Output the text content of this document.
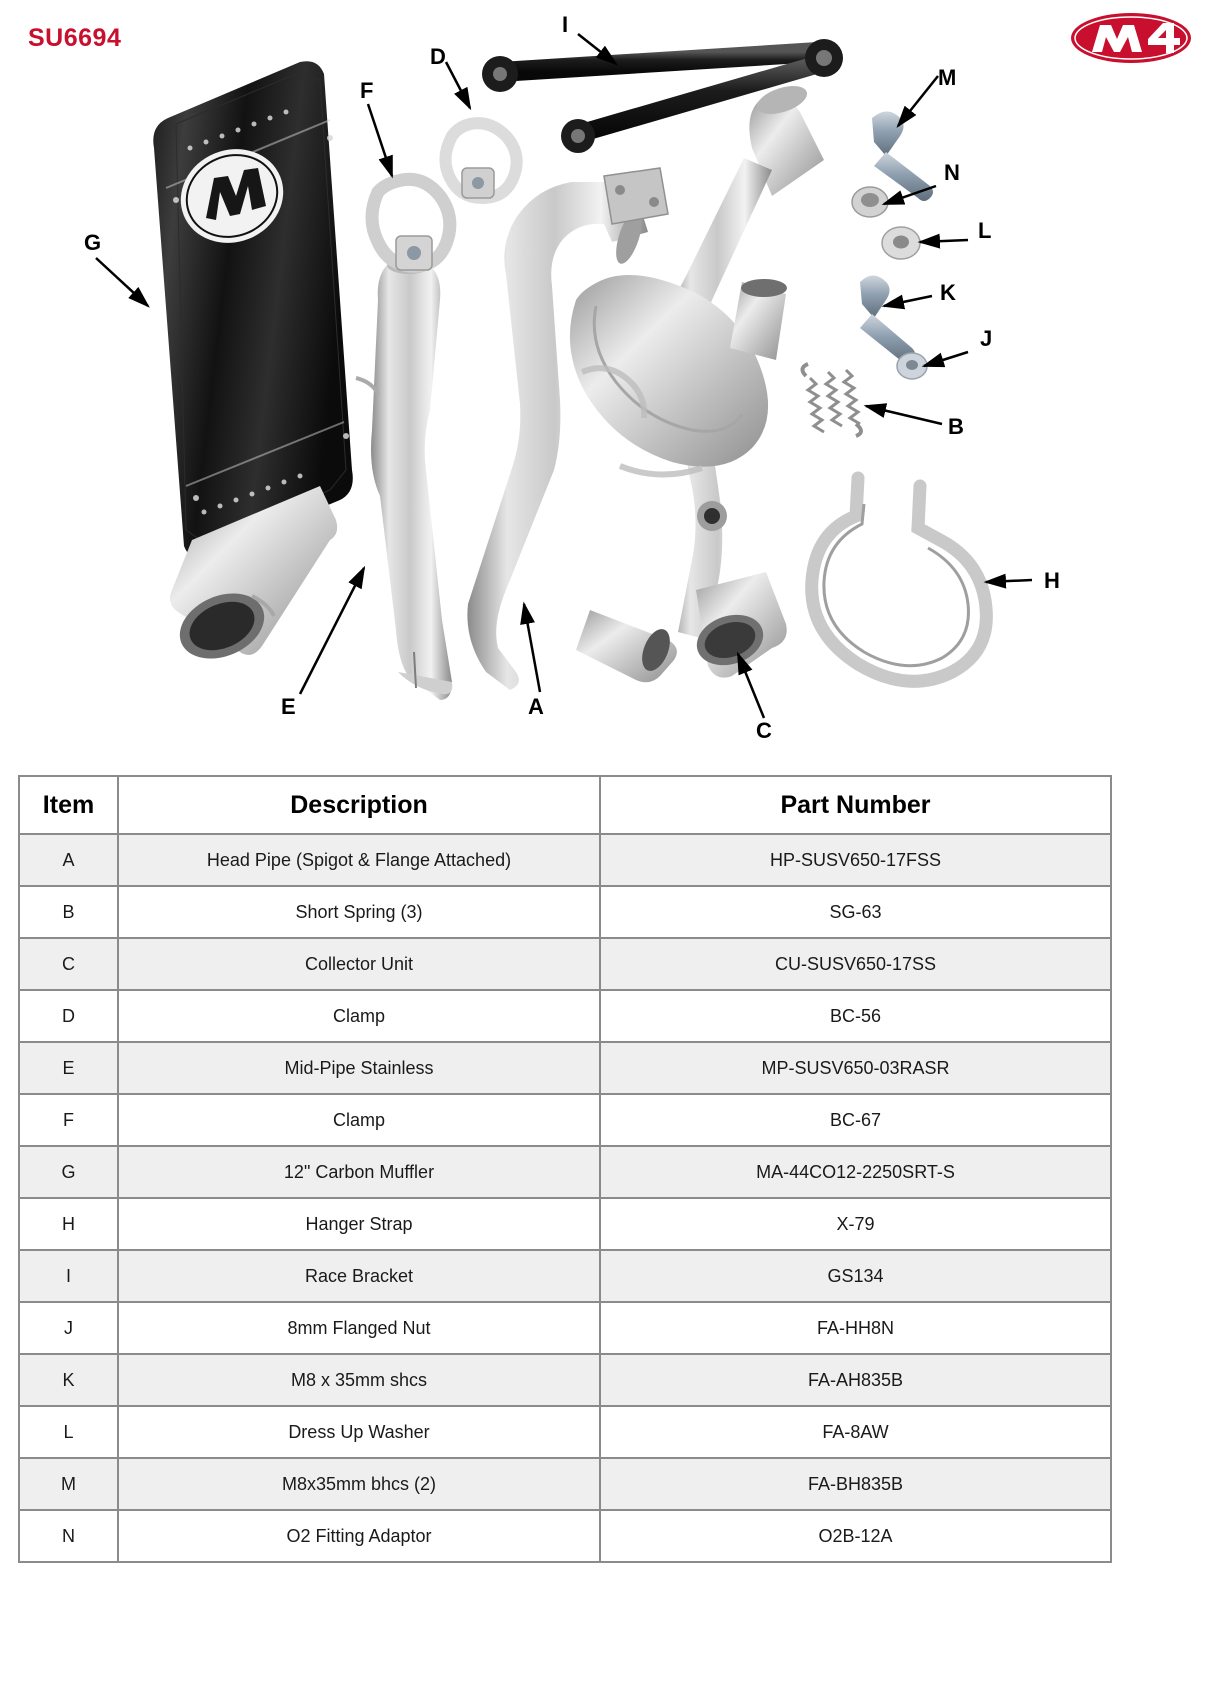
SU6694	I
D
M
F
N
L
K
G
J
B
H
E	A
C
Item	Description	Part Number
A	Head Pipe (Spigot & Flange Attached)	HP-SUSV650-17FSS
B	Short Spring (3)	SG-63
C	Collector Unit	CU-SUSV650-17SS
D	Clamp	BC-56
E	Mid-Pipe Stainless	MP-SUSV650-03RASR
F	Clamp	BC-67
G	12" Carbon Muffler	MA-44CO12-2250SRT-S
H	Hanger Strap	X-79
I	Race Bracket	GS134
J	8mm Flanged Nut	FA-HH8N
K	M8 x 35mm shcs	FA-AH835B
L	Dress Up Washer	FA-8AW
M	M8x35mm bhcs (2)	FA-BH835B
N	O2 Fitting Adaptor	O2B-12A
